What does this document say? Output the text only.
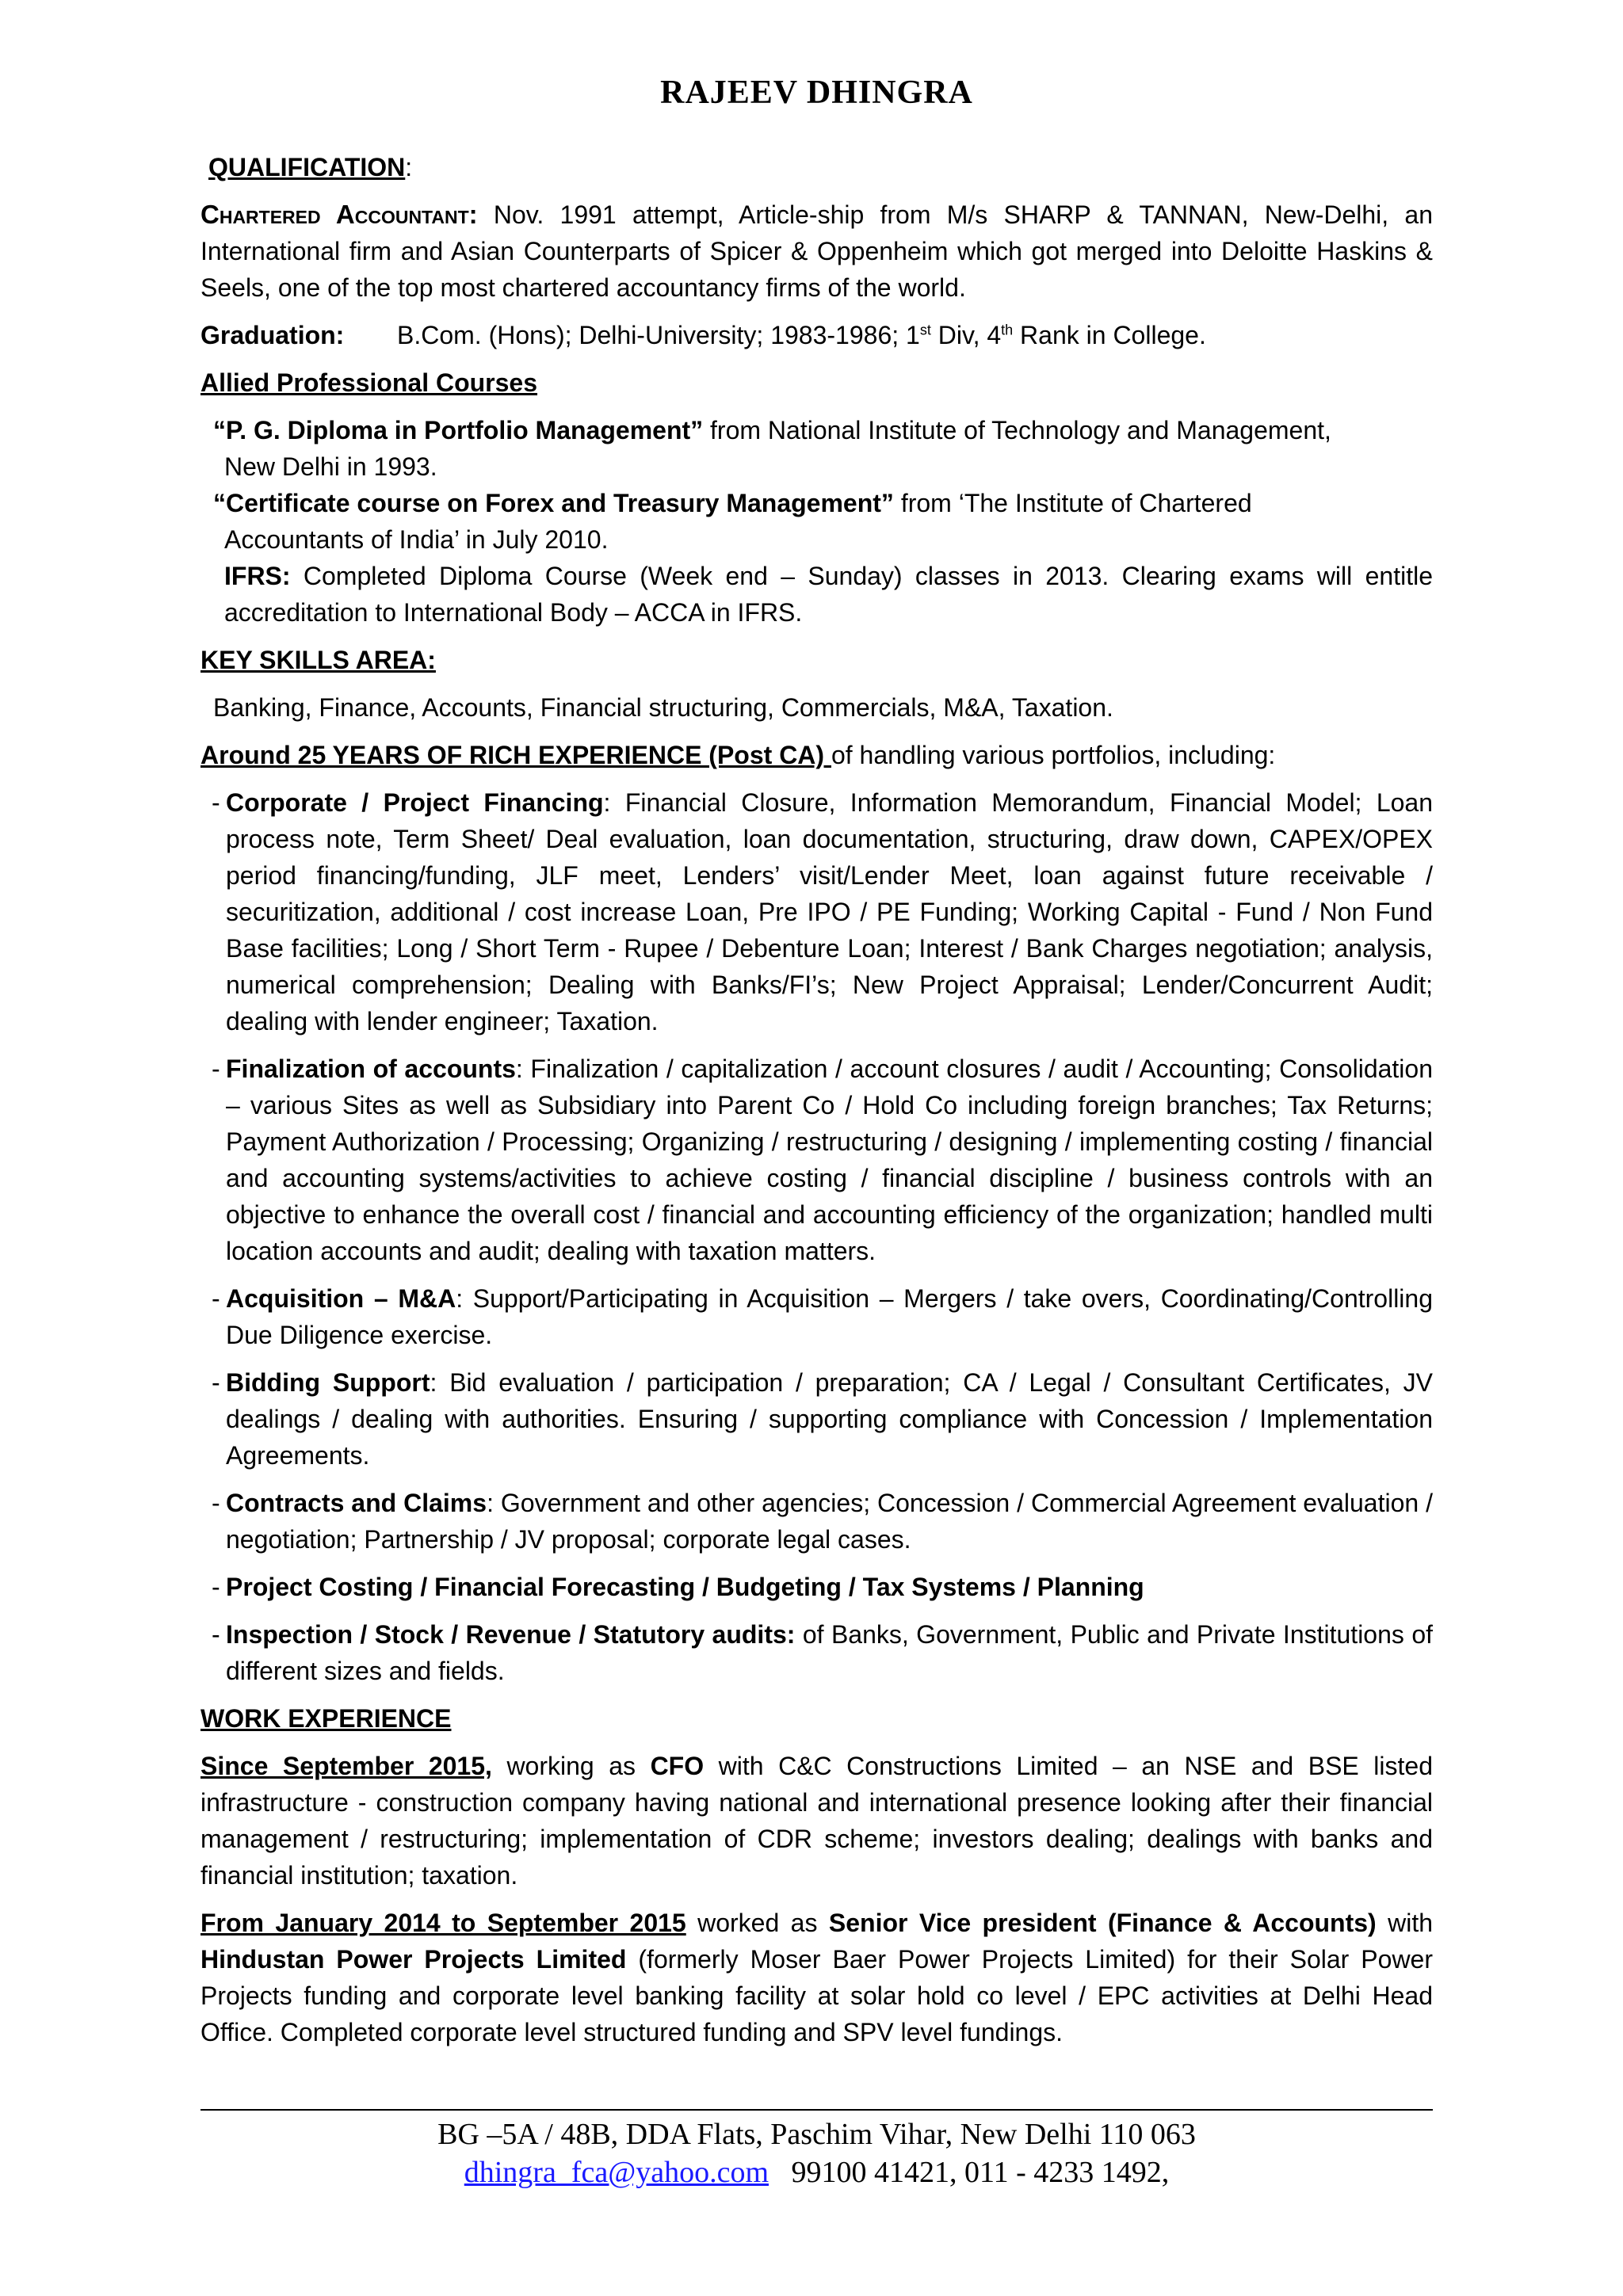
RAJEEV DHINGRA

QUALIFICATION:

Chartered Accountant: Nov. 1991 attempt, Article-ship from M/s SHARP & TANNAN, New-Delhi, an International firm and Asian Counterparts of Spicer & Oppenheim which got merged into Deloitte Haskins & Seels, one of the top most chartered accountancy firms of the world.

Graduation: B.Com. (Hons); Delhi-University; 1983-1986; 1st Div, 4th Rank in College.

Allied Professional Courses

“P. G. Diploma in Portfolio Management” from National Institute of Technology and Management,
New Delhi in 1993.

“Certificate course on Forex and Treasury Management” from ‘The Institute of Chartered
Accountants of India’ in July 2010.

IFRS: Completed Diploma Course (Week end – Sunday) classes in 2013. Clearing exams will entitle accreditation to International Body – ACCA in IFRS.

KEY SKILLS AREA:

Banking, Finance, Accounts, Financial structuring, Commercials, M&A, Taxation.

Around 25 YEARS OF RICH EXPERIENCE (Post CA) of handling various portfolios, including:

- Corporate / Project Financing: Financial Closure, Information Memorandum, Financial Model; Loan process note, Term Sheet/ Deal evaluation, loan documentation, structuring, draw down, CAPEX/OPEX period financing/funding, JLF meet, Lenders’ visit/Lender Meet, loan against future receivable / securitization, additional / cost increase Loan, Pre IPO / PE Funding; Working Capital - Fund / Non Fund Base facilities; Long / Short Term - Rupee / Debenture Loan; Interest / Bank Charges negotiation; analysis, numerical comprehension; Dealing with Banks/FI’s; New Project Appraisal; Lender/Concurrent Audit; dealing with lender engineer; Taxation.
- Finalization of accounts: Finalization / capitalization / account closures / audit / Accounting; Consolidation – various Sites as well as Subsidiary into Parent Co / Hold Co including foreign branches; Tax Returns; Payment Authorization / Processing; Organizing / restructuring / designing / implementing costing / financial and accounting systems/activities to achieve costing / financial discipline / business controls with an objective to enhance the overall cost / financial and accounting efficiency of the organization; handled multi location accounts and audit; dealing with taxation matters.
- Acquisition – M&A: Support/Participating in Acquisition – Mergers / take overs, Coordinating/Controlling Due Diligence exercise.
- Bidding Support: Bid evaluation / participation / preparation; CA / Legal / Consultant Certificates, JV dealings / dealing with authorities. Ensuring / supporting compliance with Concession / Implementation Agreements.
- Contracts and Claims: Government and other agencies; Concession / Commercial Agreement evaluation / negotiation; Partnership / JV proposal; corporate legal cases.
- Project Costing / Financial Forecasting / Budgeting / Tax Systems / Planning
- Inspection / Stock / Revenue / Statutory audits: of Banks, Government, Public and Private Institutions of different sizes and fields.

WORK EXPERIENCE

Since September 2015, working as CFO with C&C Constructions Limited – an NSE and BSE listed infrastructure - construction company having national and international presence looking after their financial management / restructuring; implementation of CDR scheme; investors dealing; dealings with banks and financial institution; taxation.

From January 2014 to September 2015 worked as Senior Vice president (Finance & Accounts) with Hindustan Power Projects Limited (formerly Moser Baer Power Projects Limited) for their Solar Power Projects funding and corporate level banking facility at solar hold co level / EPC activities at Delhi Head Office. Completed corporate level structured funding and SPV level fundings.

BG –5A / 48B, DDA Flats, Paschim Vihar, New Delhi 110 063
dhingra_fca@yahoo.com 99100 41421, 011 - 4233 1492,
